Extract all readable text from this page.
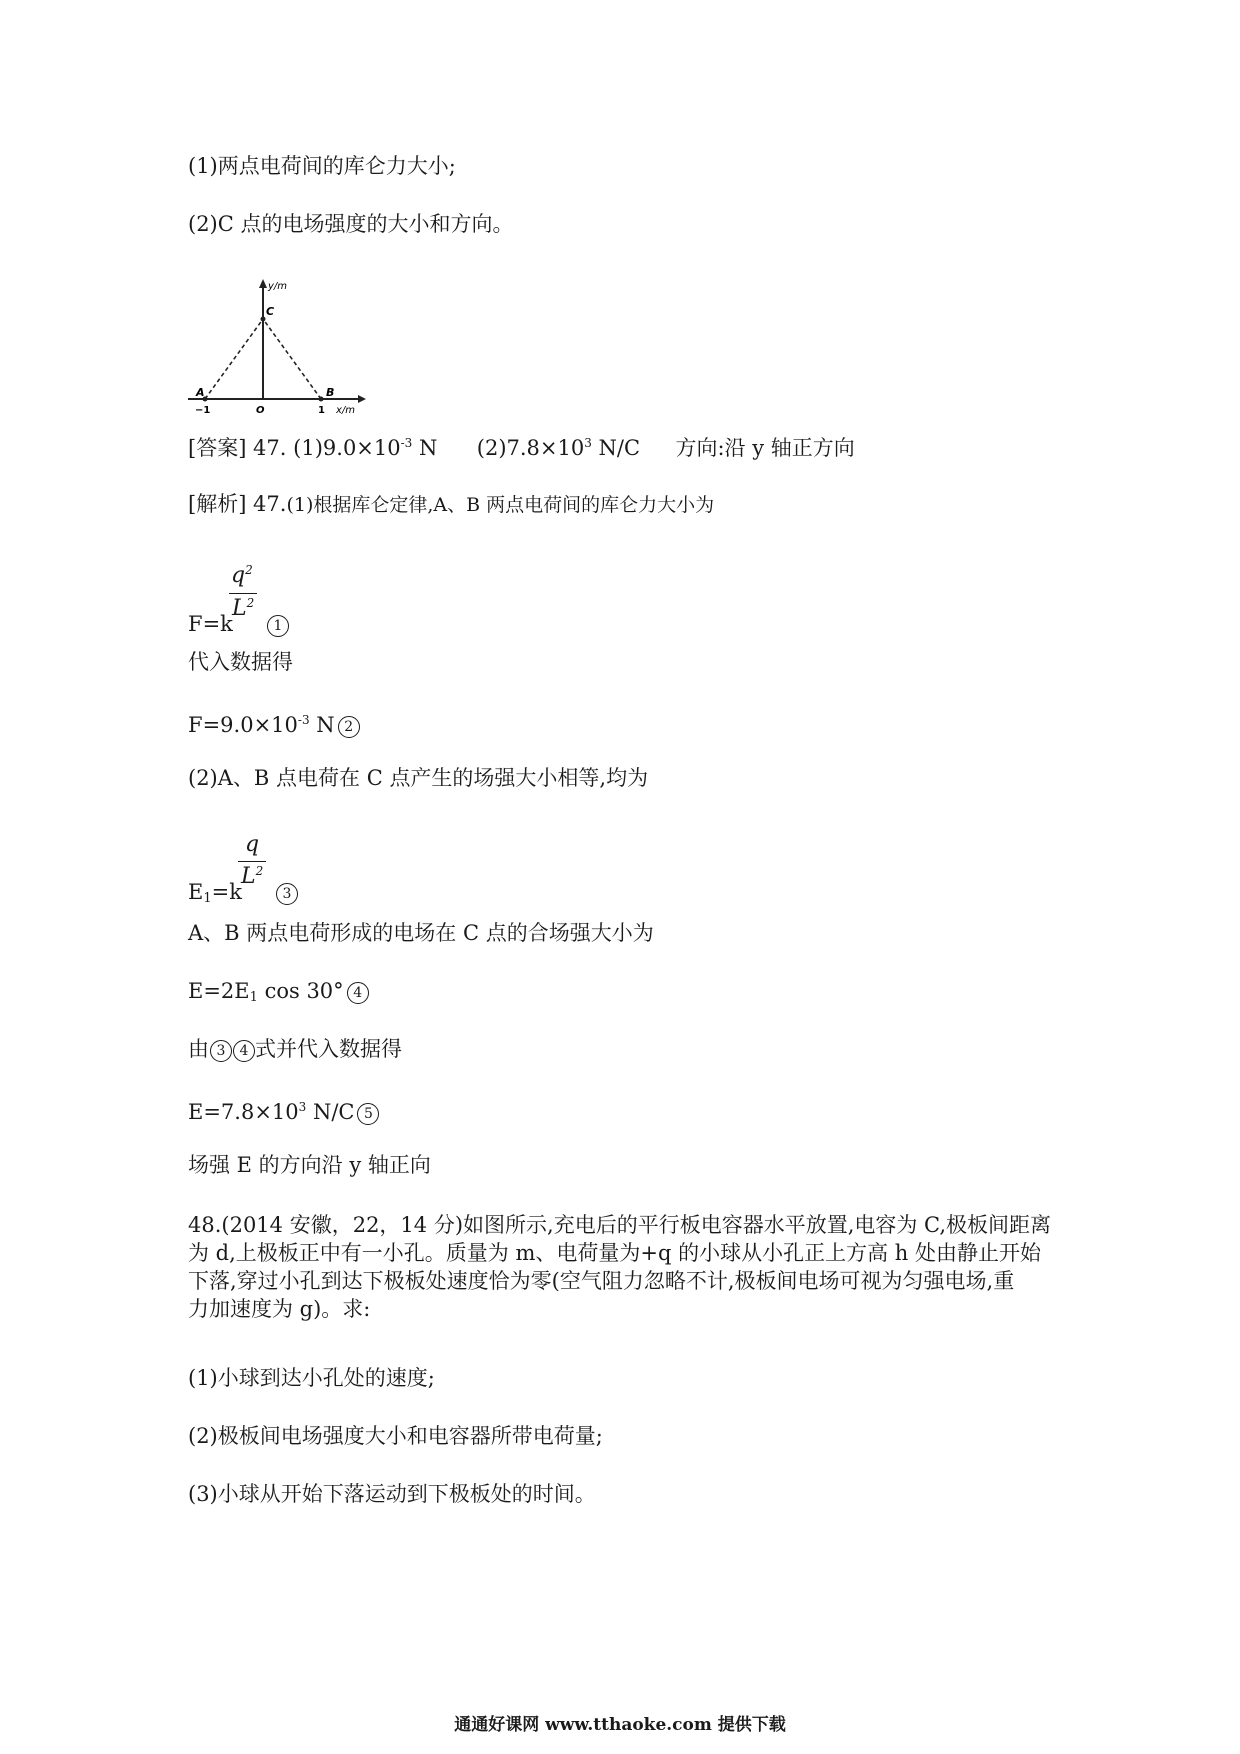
(1)两点电荷间的库仑力大小;
(2)C 点的电场强度的大小和方向。
y/m
x/m
C
A	B
−1	O	1
[答案] 47. $(1)9.0\times 10^{-3}$ N $(2)7.8\times 10^3$ N/C 方向:沿 y 轴正方向
[解析] 47.(1)根据库仑定律,A、B 两点电荷间的库仑力大小为
$q^2$
$L^2$
F=k	1
代入数据得
$F=9.0\times 10^{-3}$ N 2
(2)A、B 点电荷在 C 点产生的场强大小相等,均为
q
$L^2$
$E_1=k$	3
A、B 两点电荷形成的电场在 C 点的合场强大小为
$E=2E_1$ cos 30° 4
由 3 4 式并代入数据得
$E=7.8\times 10^3$ N/C 5
场强 E 的方向沿 y 轴正向
48.(2014 安徽，22，14 分)如图所示,充电后的平行板电容器水平放置,电容为 C,极板间距离
为 d,上极板正中有一小孔。质量为 m、电荷量为+q 的小球从小孔正上方高 h 处由静止开始
下落,穿过小孔到达下极板处速度恰为零(空气阻力忽略不计,极板间电场可视为匀强电场,重
力加速度为 g)。求:
(1)小球到达小孔处的速度;
(2)极板间电场强度大小和电容器所带电荷量;
(3)小球从开始下落运动到下极板处的时间。
通通好课网 www.tthaoke.com 提供下载
